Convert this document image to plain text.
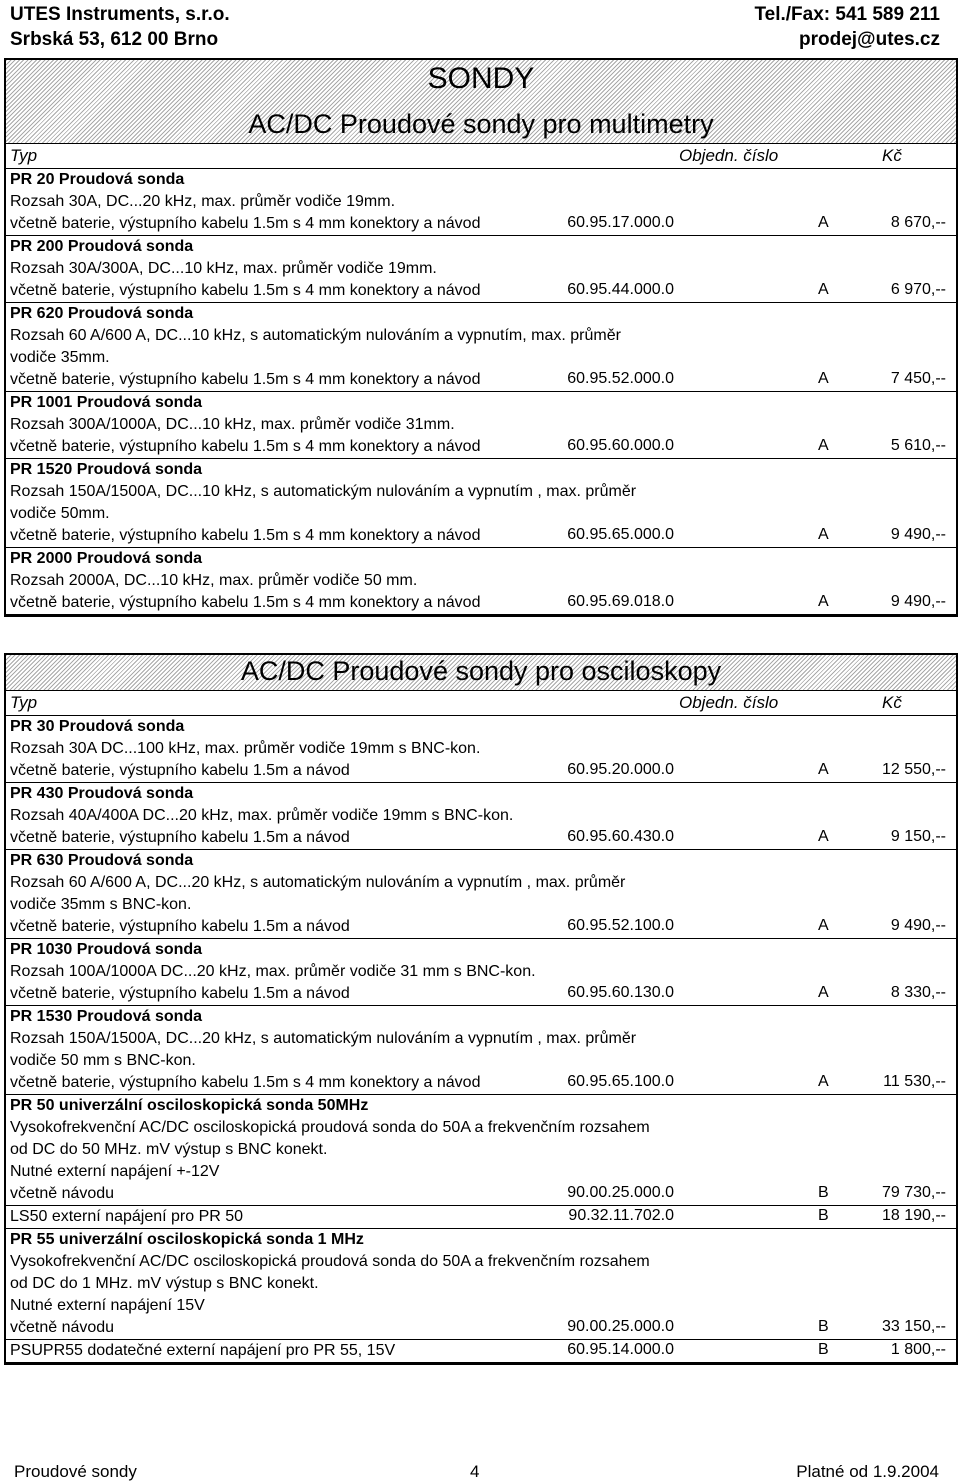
UTES Instruments, s.r.o.
Srbská 53, 612 00 Brno
Tel./Fax: 541 589 211
prodej@utes.cz
SONDY
AC/DC Proudové sondy pro multimetry
Typ	Objedn. číslo	Kč
PR 20 Proudová sonda
Rozsah 30A, DC...20 kHz, max. průměr vodiče 19mm.
včetně baterie, výstupního kabelu 1.5m s 4 mm konektory a návod	60.95.17.000.0	A	8 670,--
PR 200 Proudová sonda
Rozsah 30A/300A, DC...10 kHz, max. průměr vodiče 19mm.
včetně baterie, výstupního kabelu 1.5m s 4 mm konektory a návod	60.95.44.000.0	A	6 970,--
PR 620 Proudová sonda
Rozsah 60 A/600 A, DC...10 kHz, s automatickým nulováním a vypnutím, max. průměr vodiče 35mm.
včetně baterie, výstupního kabelu 1.5m s 4 mm konektory a návod	60.95.52.000.0	A	7 450,--
PR 1001 Proudová sonda
Rozsah 300A/1000A, DC...10 kHz, max. průměr vodiče 31mm.
včetně baterie, výstupního kabelu 1.5m s 4 mm konektory a návod	60.95.60.000.0	A	5 610,--
PR 1520 Proudová sonda
Rozsah 150A/1500A, DC...10 kHz, s automatickým nulováním a vypnutím , max. průměr vodiče 50mm.
včetně baterie, výstupního kabelu 1.5m s 4 mm konektory a návod	60.95.65.000.0	A	9 490,--
PR 2000 Proudová sonda
Rozsah 2000A, DC...10 kHz, max. průměr vodiče 50 mm.
včetně baterie, výstupního kabelu 1.5m s 4 mm konektory a návod	60.95.69.018.0	A	9 490,--
AC/DC Proudové sondy pro osciloskopy
Typ	Objedn. číslo	Kč
PR 30 Proudová sonda
Rozsah 30A DC...100 kHz, max. průměr vodiče 19mm s BNC-kon.
včetně baterie, výstupního kabelu 1.5m a návod	60.95.20.000.0	A	12 550,--
PR 430 Proudová sonda
Rozsah 40A/400A DC...20 kHz, max. průměr vodiče 19mm s BNC-kon.
včetně baterie, výstupního kabelu 1.5m a návod	60.95.60.430.0	A	9 150,--
PR 630 Proudová sonda
Rozsah 60 A/600 A, DC...20 kHz, s automatickým nulováním a vypnutím , max. průměr vodiče 35mm s BNC-kon.
včetně baterie, výstupního kabelu 1.5m a návod	60.95.52.100.0	A	9 490,--
PR 1030 Proudová sonda
Rozsah 100A/1000A DC...20 kHz, max. průměr vodiče 31 mm s BNC-kon.
včetně baterie, výstupního kabelu 1.5m a návod	60.95.60.130.0	A	8 330,--
PR 1530 Proudová sonda
Rozsah 150A/1500A, DC...20 kHz, s automatickým nulováním a vypnutím , max. průměr vodiče 50 mm s BNC-kon.
včetně baterie, výstupního kabelu 1.5m s 4 mm konektory a návod	60.95.65.100.0	A	11 530,--
PR 50 univerzální osciloskopická sonda 50MHz
Vysokofrekvenční AC/DC osciloskopická proudová sonda do 50A a frekvenčním rozsahem od DC do 50 MHz. mV výstup s BNC konekt.
Nutné externí napájení +-12V
včetně návodu	90.00.25.000.0	B	79 730,--
LS50 externí napájení pro PR 50	90.32.11.702.0	B	18 190,--
PR 55 univerzální osciloskopická sonda 1 MHz
Vysokofrekvenční AC/DC osciloskopická proudová sonda do 50A a frekvenčním rozsahem od DC do 1 MHz. mV výstup s BNC konekt.
Nutné externí napájení 15V
včetně návodu	90.00.25.000.0	B	33 150,--
PSUPR55 dodatečné externí napájení pro PR 55, 15V	60.95.14.000.0	B	1 800,--
Proudové sondy	4	Platné od 1.9.2004
